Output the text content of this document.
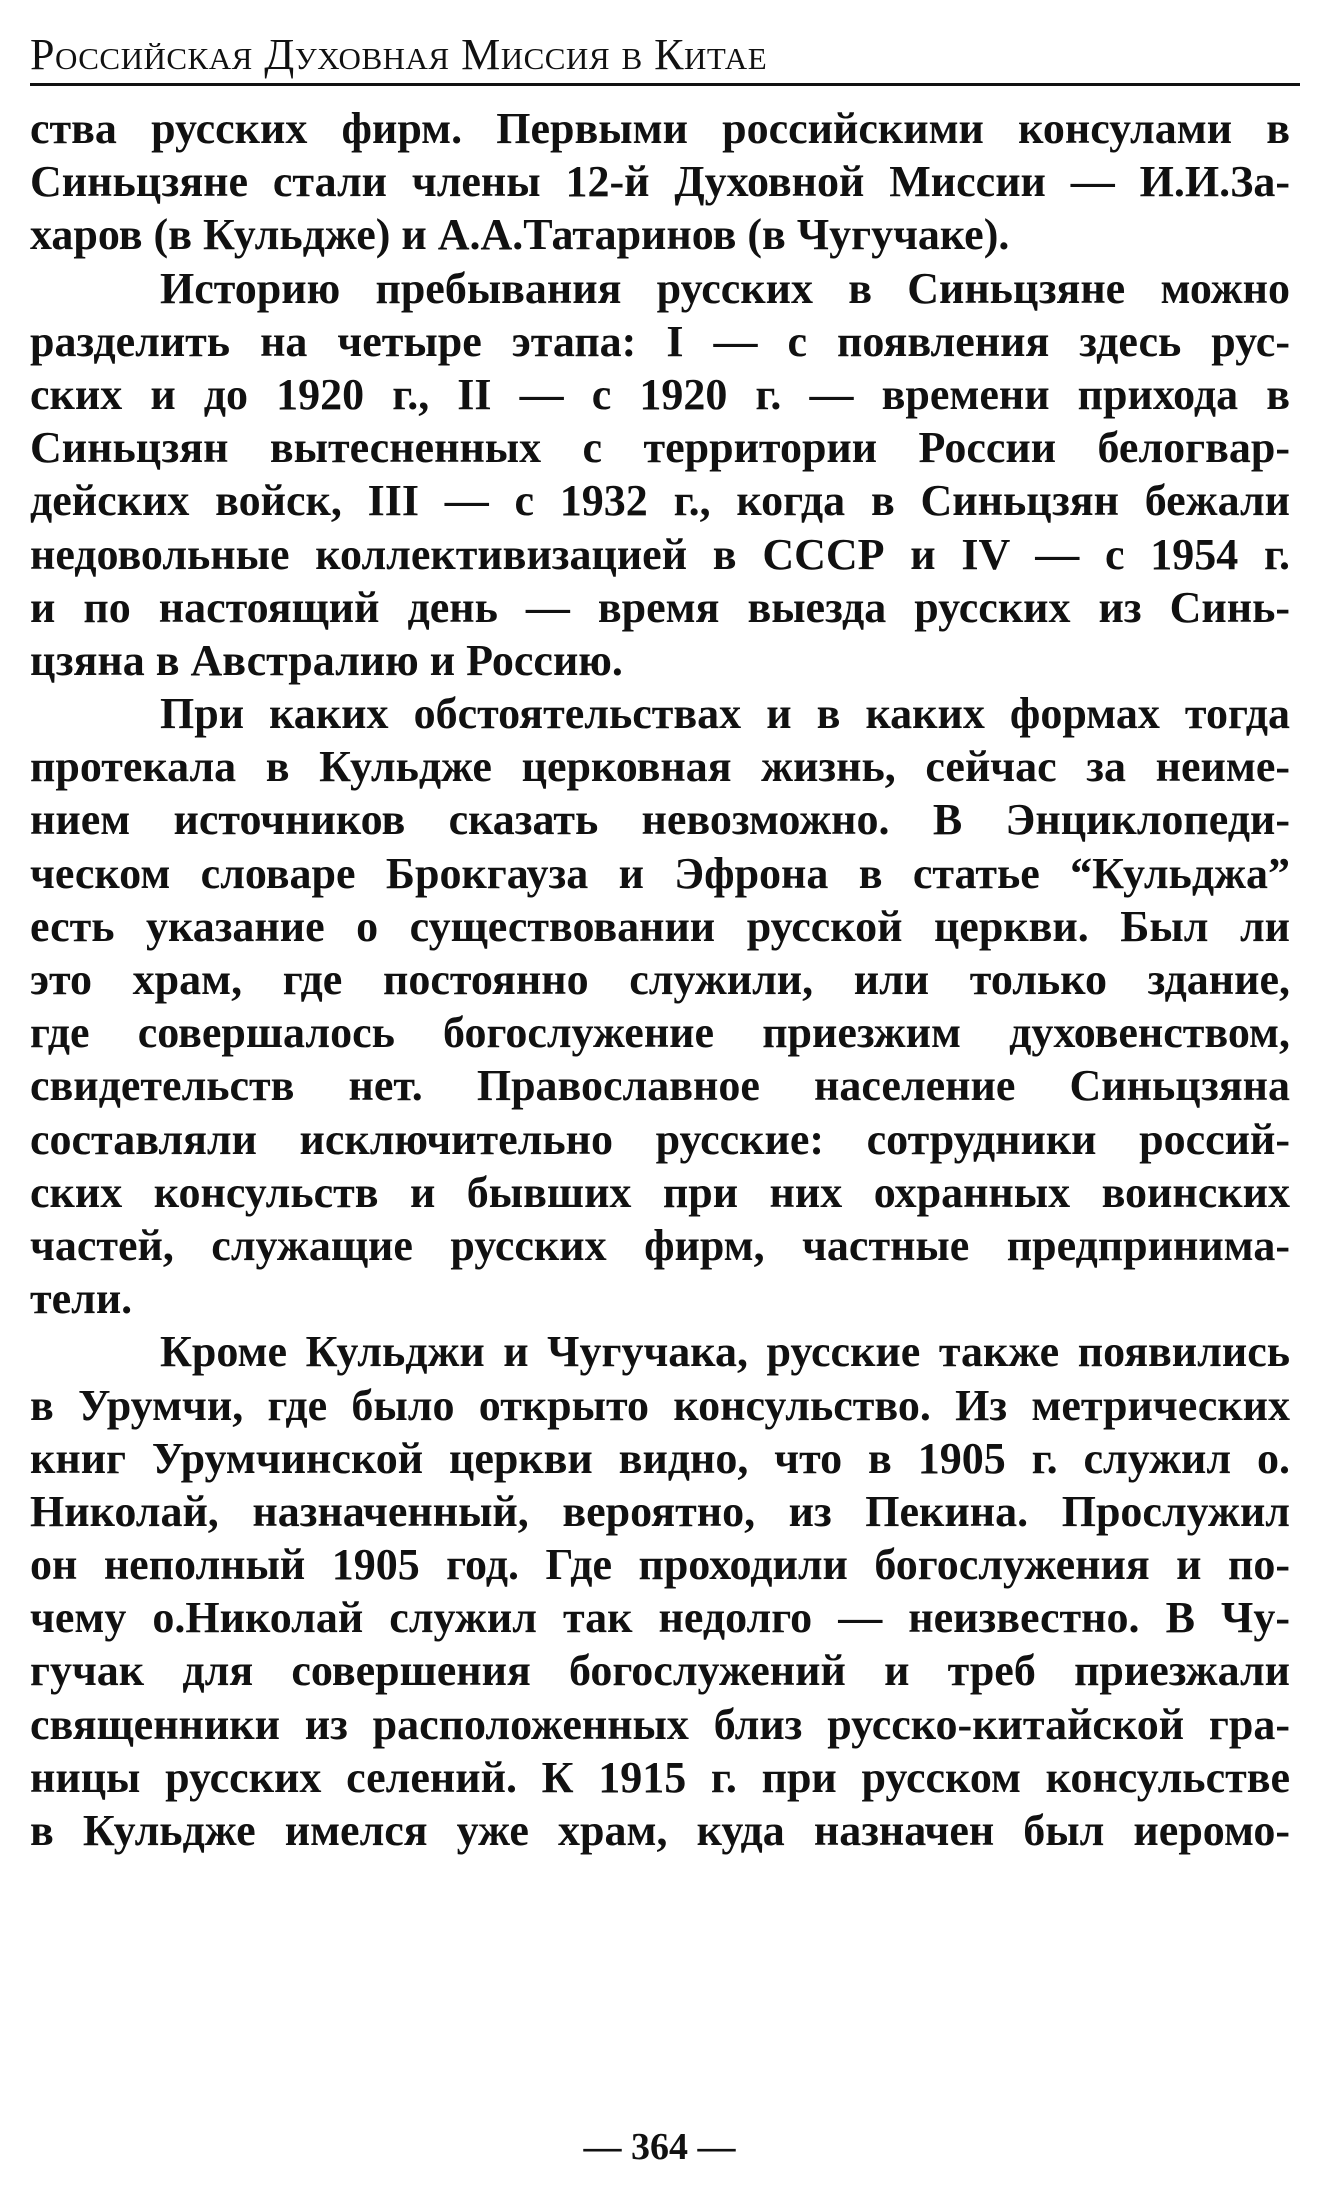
Российская Духовная Миссия в Китае
ства русских фирм. Первыми российскими консулами в
Синьцзяне стали члены 12-й Духовной Миссии — И.И.За-
харов (в Кульдже) и А.А.Татаринов (в Чугучаке).
Историю пребывания русских в Синьцзяне можно
разделить на четыре этапа: I — с появления здесь рус-
ских и до 1920 г., II — с 1920 г. — времени прихода в
Синьцзян вытесненных с территории России белогвар-
дейских войск, III — с 1932 г., когда в Синьцзян бежали
недовольные коллективизацией в СССР и IV — с 1954 г.
и по настоящий день — время выезда русских из Синь-
цзяна в Австралию и Россию.
При каких обстоятельствах и в каких формах тогда
протекала в Кульдже церковная жизнь, сейчас за неиме-
нием источников сказать невозможно. В Энциклопеди-
ческом словаре Брокгауза и Эфрона в статье “Кульджа”
есть указание о существовании русской церкви. Был ли
это храм, где постоянно служили, или только здание,
где совершалось богослужение приезжим духовенством,
свидетельств нет. Православное население Синьцзяна
составляли исключительно русские: сотрудники россий-
ских консульств и бывших при них охранных воинских
частей, служащие русских фирм, частные предпринима-
тели.
Кроме Кульджи и Чугучака, русские также появились
в Урумчи, где было открыто консульство. Из метрических
книг Урумчинской церкви видно, что в 1905 г. служил о.
Николай, назначенный, вероятно, из Пекина. Прослужил
он неполный 1905 год. Где проходили богослужения и по-
чему о.Николай служил так недолго — неизвестно. В Чу-
гучак для совершения богослужений и треб приезжали
священники из расположенных близ русско-китайской гра-
ницы русских селений. К 1915 г. при русском консульстве
в Кульдже имелся уже храм, куда назначен был иеромо-
— 364 —
